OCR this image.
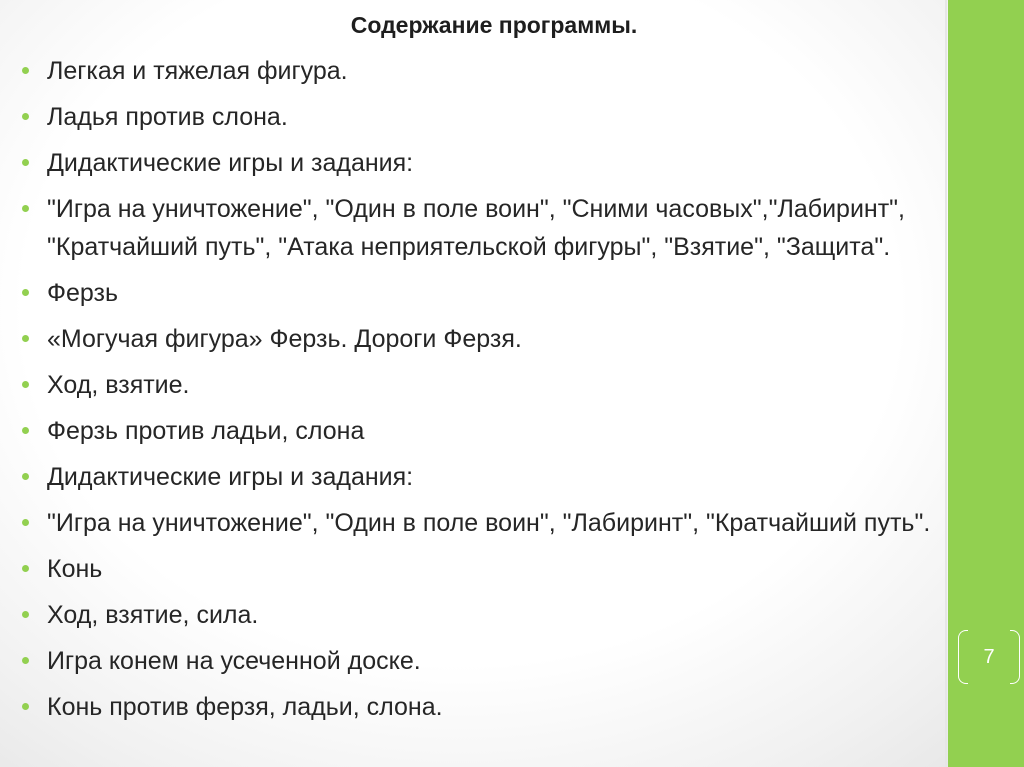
7
Содержание программы.
Легкая и тяжелая фигура.
Ладья против слона.
Дидактические игры и задания:
"Игра на уничтожение", "Один в поле воин", "Сними часовых","Лабиринт", "Кратчайший путь", "Атака неприятельской фигуры", "Взятие", "Защита".
Ферзь
«Могучая фигура» Ферзь. Дороги Ферзя.
Ход, взятие.
Ферзь против ладьи, слона
Дидактические игры и задания:
"Игра на уничтожение", "Один в поле воин", "Лабиринт", "Кратчайший путь".
Конь
Ход, взятие, сила.
Игра конем на усеченной доске.
Конь против ферзя, ладьи, слона.
